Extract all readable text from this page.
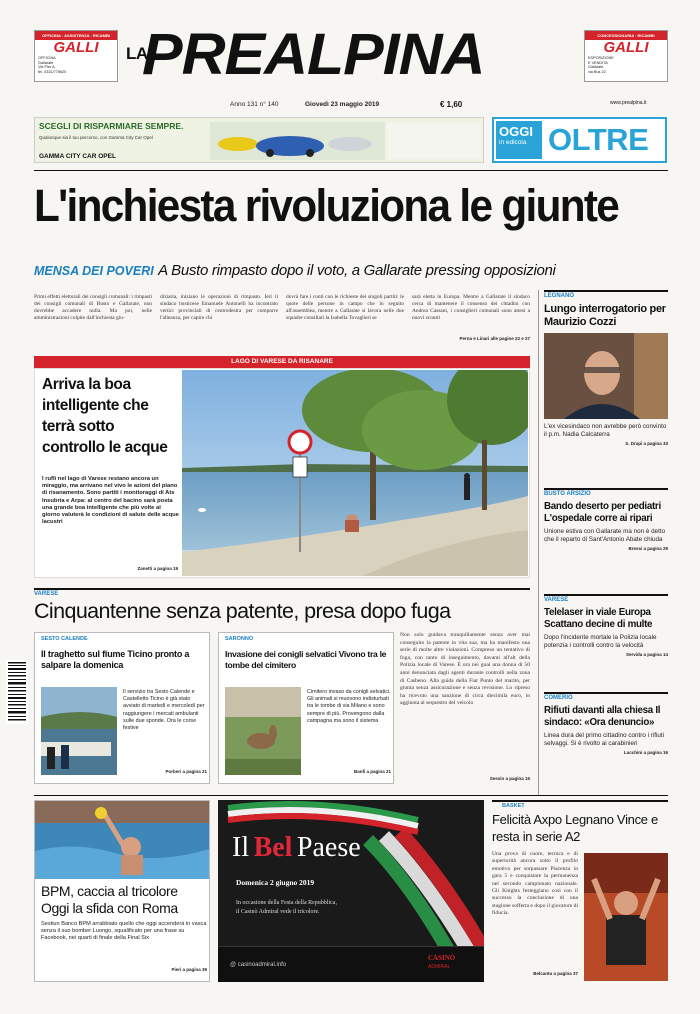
OFFICINA · ASSISTENZA · RICAMBI
GALLI
OFFICINA
Gallarate
Via Pier A.
tel. 0331/775620
LA
PREALPINA	CONCESSIONARIA · RICAMBI
GALLI
ESPOSIZIONE
E VENDITA
Gallarate
via Bus 22
Anno 131 n° 140	Giovedì 23 maggio 2019	€ 1,60	www.prealpina.it
SCEGLI DI RISPARMIARE SEMPRE.
Qualunque sia il tuo percorso, con Gamma City Car Opel
GAMMA CITY CAR OPEL
OGGI
in edicola OLTRE
L'inchiesta rivoluziona le giunte
MENSA DEI POVERI A Busto rimpasto dopo il voto, a Gallarate pressing opposizioni
Primi effetti elettorali dei consigli comunali: i rimpasti dei consigli comunali di Busto e Gallarate, non dovrebbe accadere nulla. Ma poi, nelle amministrazioni colpite dall'inchiesta giu-
diziaria, iniziano le operazioni di rimpasto. Ieri il sindaco busticese Emanuele Antonelli ha incontrato vertici provinciali di centrodestra per comporre l'alleanza, per capire chi
dovrà fare i conti con le richieste dei singoli partiti: le quote delle persone in campo che in seguito all'assemblea, mentre a Gallarate si lavora nelle due squadre consiliari la Isabella Tovaglieri se
sarà eletta in Europa. Mentre a Gallarate il sindaco cerca di mantenere il consenso dei cittadini con Andrea Cassani, i consiglieri comunali sono attesi a nuovi scontri
Perna e Linari alle pagine 22 e 27
LAGO DI VARESE DA RISANARE
Arriva la boa intelligente che terrà sotto controllo le acque
I rufli nel lago di Varese restano ancora un miraggio, ma arrivano nel vivo le azioni del piano di risanamento. Sono partiti i monitoraggi di Ats Insubria e Arpa: al centro del bacino sarà posta una grande boa intelligente che più volte al giorno valuterà le condizioni di salute delle acque lacustri
Zanetti a pagina 19
LEGNANO
Lungo interrogatorio per Maurizio Cozzi
L'ex vicesindaco non avrebbe però convinto il p.m. Nadia Calcaterra
S. Drapi a pagina 33
BUSTO ARSIZIO
Bando deserto per pediatri L'ospedale corre ai ripari
Unione estiva con Gallarate ma non è detto che il reparto di Sant'Antonio Abate chiuda
Bressi a pagina 29
VARESE
Telelaser in viale Europa Scattano decine di multe
Dopo l'incidente mortale la Polizia locale potenzia i controlli contro la velocità
Servida a pagina 14
COMERIO
Rifiuti davanti alla chiesa Il sindaco: «Ora denuncio»
Linea dura del primo cittadino contro i rifiuti selvaggi. Si è rivolto ai carabinieri
Lucchini a pagina 16
VARESE
Cinquantenne senza patente, presa dopo fuga
Non solo guidava tranquillamente senza aver mai conseguito la patente in vita sua, ma ha manifesto una serie di molte altre violazioni. Compreso un tentativo di fuga, con tanto di inseguimento, davanti all'alt della Polizia locale di Varese. È ora nei guai una donna di 50 anni denunciata dagli agenti durante controlli nella zona di Casbeno. Alla guida della Fiat Punto del marito, per giunta senza assicurazione e senza revisione. Lo ripreso ha ricevuto una sanzione di circa diecimila euro, in aggiunta al sequestro del veicolo
Sessin a pagina 15
SESTO CALENDE
Il traghetto sul fiume Ticino pronto a salpare la domenica
Il servizio tra Sesto Calende e Castelletto Ticino è già stato avviato di martedì e mercoledì per raggiungere i mercati ambulanti sulle due sponde. Ora le corse festive
Porberi a pagina 21
SARONNO
Invasione dei conigli selvatici Vivono tra le tombe del cimitero
Cimitero invaso da conigli selvatici. Gli animali si muovono indisturbati tra le tombe di via Milano e sono sempre di più. Provengono dalla campagna ma sono il sistema
Banfi a pagina 21
BPM, caccia al tricolore Oggi la sfida con Roma
Sestiun Banco BPM arrabbiato quello che oggi accenderà in vasca senza il suo bomber Luongo, squalificato per una frase su Facebook, nei quarti di finale della Final Six
Pieri a pagina 39
Il Bel Paese
Domenica 2 giugno 2019
In occasione della Festa della Repubblica,
il Casinò Admiral vede il tricolore.
@ casinoadmiral.info
CASINÒ
ADMIRAL
BASKET
Felicità Axpo Legnano Vince e resta in serie A2
Una prova di cuore, tecnica e di superiorità ancora sotto il profilo emotivo per sorpassare Piacenza in gara 5 e conquistare la permanenza nel secondo campionato nazionale. Gli Knights festeggiano così con il successo la conclusione di una stagione sofferta e dopo il giocatore di fiducia.
Belcantu a pagina 37
